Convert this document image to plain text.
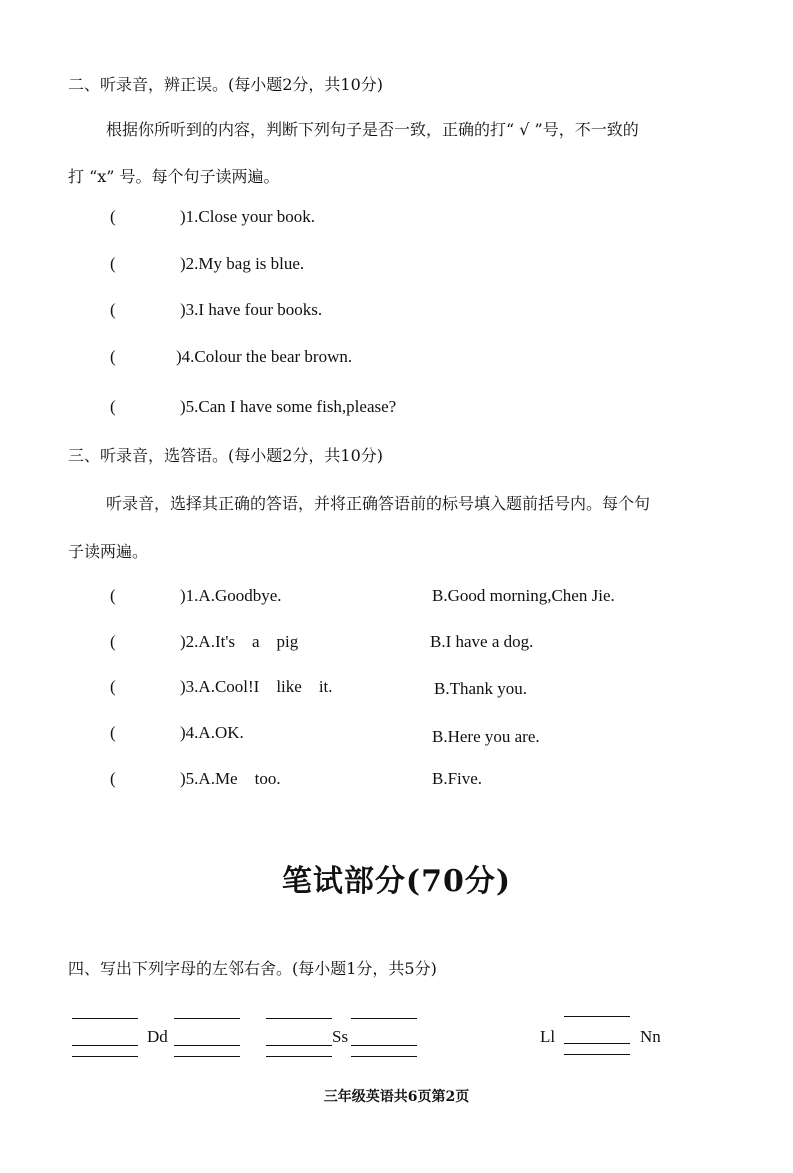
二、听录音，辨正误。(每小题2分，共10分)
根据你所听到的内容，判断下列句子是否一致，正确的打“ √ ”号，不一致的
打 “x” 号。每个句子读两遍。
(	)1.Close your book.
(	)2.My bag is blue.
(	)3.I have four books.
(	)4.Colour the bear brown.
(	)5.Can I have some fish,please?
三、听录音，选答语。(每小题2分，共10分)
听录音，选择其正确的答语，并将正确答语前的标号填入题前括号内。每个句
子读两遍。
(	)1.A.Goodbye.	B.Good morning,Chen Jie.
(	)2.A.It's    a    pig	B.I have a dog.
(	)3.A.Cool!I    like    it.	B.Thank you.
(	)4.A.OK.	B.Here you are.
(	)5.A.Me    too.	B.Five.
笔试部分(70分)
四、写出下列字母的左邻右舍。(每小题1分，共5分)
Dd	Ss	Ll	Nn
三年级英语共6页第2页
